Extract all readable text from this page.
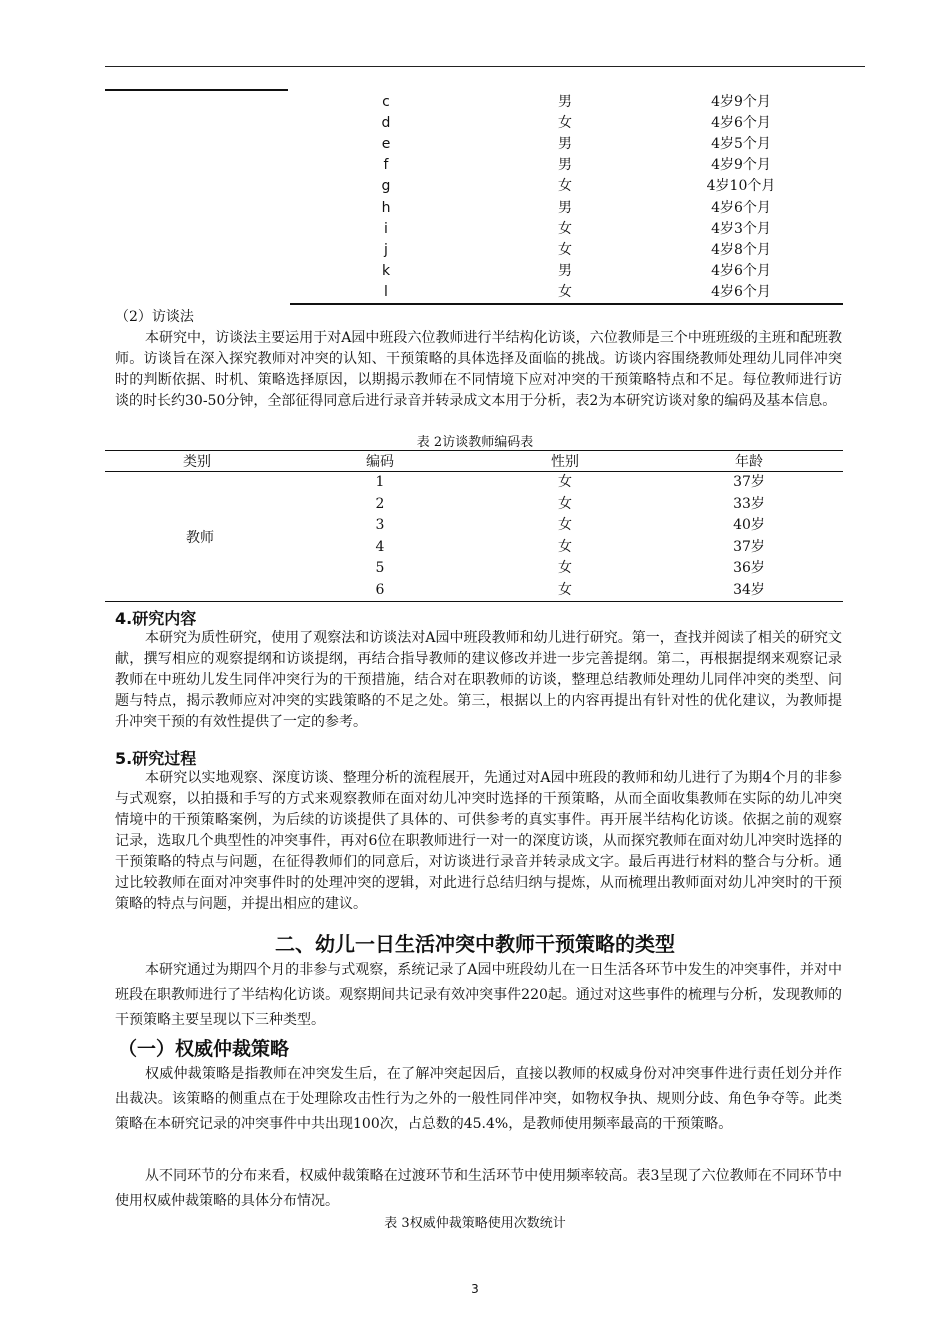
c	男	4岁9个月
d	女	4岁6个月
e	男	4岁5个月
f	男	4岁9个月
g	女	4岁10个月
h	男	4岁6个月
i	女	4岁3个月
j	女	4岁8个月
k	男	4岁6个月
l	女	4岁6个月
（2）访谈法
本研究中，访谈法主要运用于对A园中班段六位教师进行半结构化访谈，六位教师是三个中班班级的主班和配班教师。访谈旨在深入探究教师对冲突的认知、干预策略的具体选择及面临的挑战。访谈内容围绕教师处理幼儿同伴冲突时的判断依据、时机、策略选择原因，以期揭示教师在不同情境下应对冲突的干预策略特点和不足。每位教师进行访谈的时长约30-50分钟，全部征得同意后进行录音并转录成文本用于分析，表2为本研究访谈对象的编码及基本信息。
表 2访谈教师编码表
类别	编码	性别	年龄
教师
1	女	37岁
2	女	33岁
3	女	40岁
4	女	37岁
5	女	36岁
6	女	34岁
4.研究内容
本研究为质性研究，使用了观察法和访谈法对A园中班段教师和幼儿进行研究。第一，查找并阅读了相关的研究文献，撰写相应的观察提纲和访谈提纲，再结合指导教师的建议修改并进一步完善提纲。第二，再根据提纲来观察记录教师在中班幼儿发生同伴冲突行为的干预措施，结合对在职教师的访谈，整理总结教师处理幼儿同伴冲突的类型、问题与特点，揭示教师应对冲突的实践策略的不足之处。第三，根据以上的内容再提出有针对性的优化建议，为教师提升冲突干预的有效性提供了一定的参考。
5.研究过程
本研究以实地观察、深度访谈、整理分析的流程展开，先通过对A园中班段的教师和幼儿进行了为期4个月的非参与式观察，以拍摄和手写的方式来观察教师在面对幼儿冲突时选择的干预策略，从而全面收集教师在实际的幼儿冲突情境中的干预策略案例，为后续的访谈提供了具体的、可供参考的真实事件。再开展半结构化访谈。依据之前的观察记录，选取几个典型性的冲突事件，再对6位在职教师进行一对一的深度访谈，从而探究教师在面对幼儿冲突时选择的干预策略的特点与问题，在征得教师们的同意后，对访谈进行录音并转录成文字。最后再进行材料的整合与分析。通过比较教师在面对冲突事件时的处理冲突的逻辑，对此进行总结归纳与提炼，从而梳理出教师面对幼儿冲突时的干预策略的特点与问题，并提出相应的建议。
二、幼儿一日生活冲突中教师干预策略的类型
本研究通过为期四个月的非参与式观察，系统记录了A园中班段幼儿在一日生活各环节中发生的冲突事件，并对中班段在职教师进行了半结构化访谈。观察期间共记录有效冲突事件220起。通过对这些事件的梳理与分析，发现教师的干预策略主要呈现以下三种类型。
（一）权威仲裁策略
权威仲裁策略是指教师在冲突发生后，在了解冲突起因后，直接以教师的权威身份对冲突事件进行责任划分并作出裁决。该策略的侧重点在于处理除攻击性行为之外的一般性同伴冲突，如物权争执、规则分歧、角色争夺等。此类策略在本研究记录的冲突事件中共出现100次，占总数的45.4%，是教师使用频率最高的干预策略。
从不同环节的分布来看，权威仲裁策略在过渡环节和生活环节中使用频率较高。表3呈现了六位教师在不同环节中使用权威仲裁策略的具体分布情况。
表 3权威仲裁策略使用次数统计
3
